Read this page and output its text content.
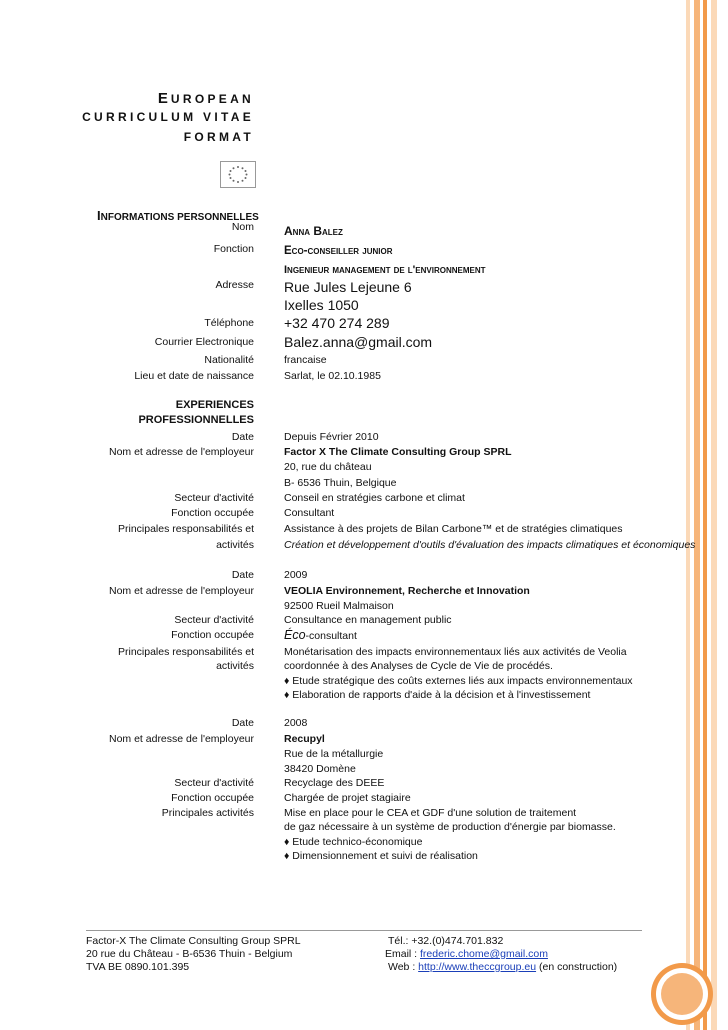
EUROPEAN
CURRICULUM VITAE
FORMAT
INFORMATIONS PERSONNELLES
Nom	Anna Balez
Fonction	Eco-conseiller junior
Ingenieur management de l'environnement
Adresse Rue Jules Lejeune 6
Ixelles 1050
Téléphone +32 470 274 289
Courrier Electronique Balez.anna@gmail.com
Nationalité	francaise
Lieu et date de naissance	Sarlat, le 02.10.1985
EXPERIENCES
PROFESSIONNELLES
Date	Depuis Février 2010
Nom et adresse de l'employeur	Factor X The Climate Consulting Group SPRL
20, rue du château
B- 6536 Thuin, Belgique
Secteur d'activité	Conseil en stratégies carbone et climat
Fonction occupée	Consultant
Principales responsabilités et	Assistance à des projets de Bilan Carbone™ et de stratégies climatiques
activités	Création et développement d'outils d'évaluation des impacts climatiques et économiques
Date	2009
Nom et adresse de l'employeur	VEOLIA Environnement, Recherche et Innovation
92500 Rueil Malmaison
Secteur d'activité	Consultance en management public
Fonction occupée Éco-consultant
Principales responsabilités et	Monétarisation des impacts environnementaux liés aux activités de Veolia
activités	coordonnée à des Analyses de Cycle de Vie de procédés.
♦ Etude stratégique des coûts externes liés aux impacts environnementaux
♦ Elaboration de rapports d'aide à la décision et à l'investissement
Date	2008
Nom et adresse de l'employeur	Recupyl
Rue de la métallurgie
38420 Domène
Secteur d'activité	Recyclage des DEEE
Fonction occupée	Chargée de projet stagiaire
Principales activités	Mise en place pour le CEA et GDF d'une solution de traitement
de gaz nécessaire à un système de production d'énergie par biomasse.
♦ Etude technico-économique
♦ Dimensionnement et suivi de réalisation
Factor-X The Climate Consulting Group SPRL
20 rue du Château - B-6536 Thuin - Belgium
TVA BE 0890.101.395
Tél.: +32.(0)474.701.832
Email : frederic.chome@gmail.com
Web : http://www.theccgroup.eu (en construction)
